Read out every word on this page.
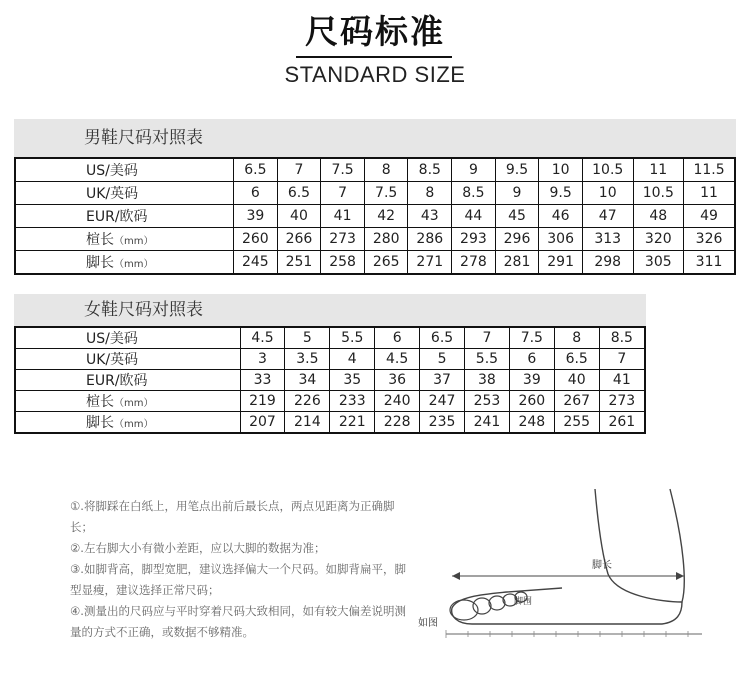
尺码标准
STANDARD SIZE
男鞋尺码对照表
US/美码	6.5	7	7.5	8	8.5	9	9.5	10	10.5	11	11.5
UK/英码	6	6.5	7	7.5	8	8.5	9	9.5	10	10.5	11
EUR/欧码	39	40	41	42	43	44	45	46	47	48	49
楦长（mm）	260	266	273	280	286	293	296	306	313	320	326
脚长（mm）	245	251	258	265	271	278	281	291	298	305	311
女鞋尺码对照表
US/美码	4.5	5	5.5	6	6.5	7	7.5	8	8.5
UK/英码	3	3.5	4	4.5	5	5.5	6	6.5	7
EUR/欧码	33	34	35	36	37	38	39	40	41
楦长（mm）	219	226	233	240	247	253	260	267	273
脚长（mm）	207	214	221	228	235	241	248	255	261

①.将脚踩在白纸上，用笔点出前后最长点，两点见距离为正确脚长；

②.左右脚大小有微小差距，应以大脚的数据为准；

③.如脚背高，脚型宽肥，建议选择偏大一个尺码。如脚背扁平，脚型显瘦，建议选择正常尺码；

④.测量出的尺码应与平时穿着尺码大致相同，如有较大偏差说明测量的方式不正确，或数据不够精准。

脚长
脚围
如图
